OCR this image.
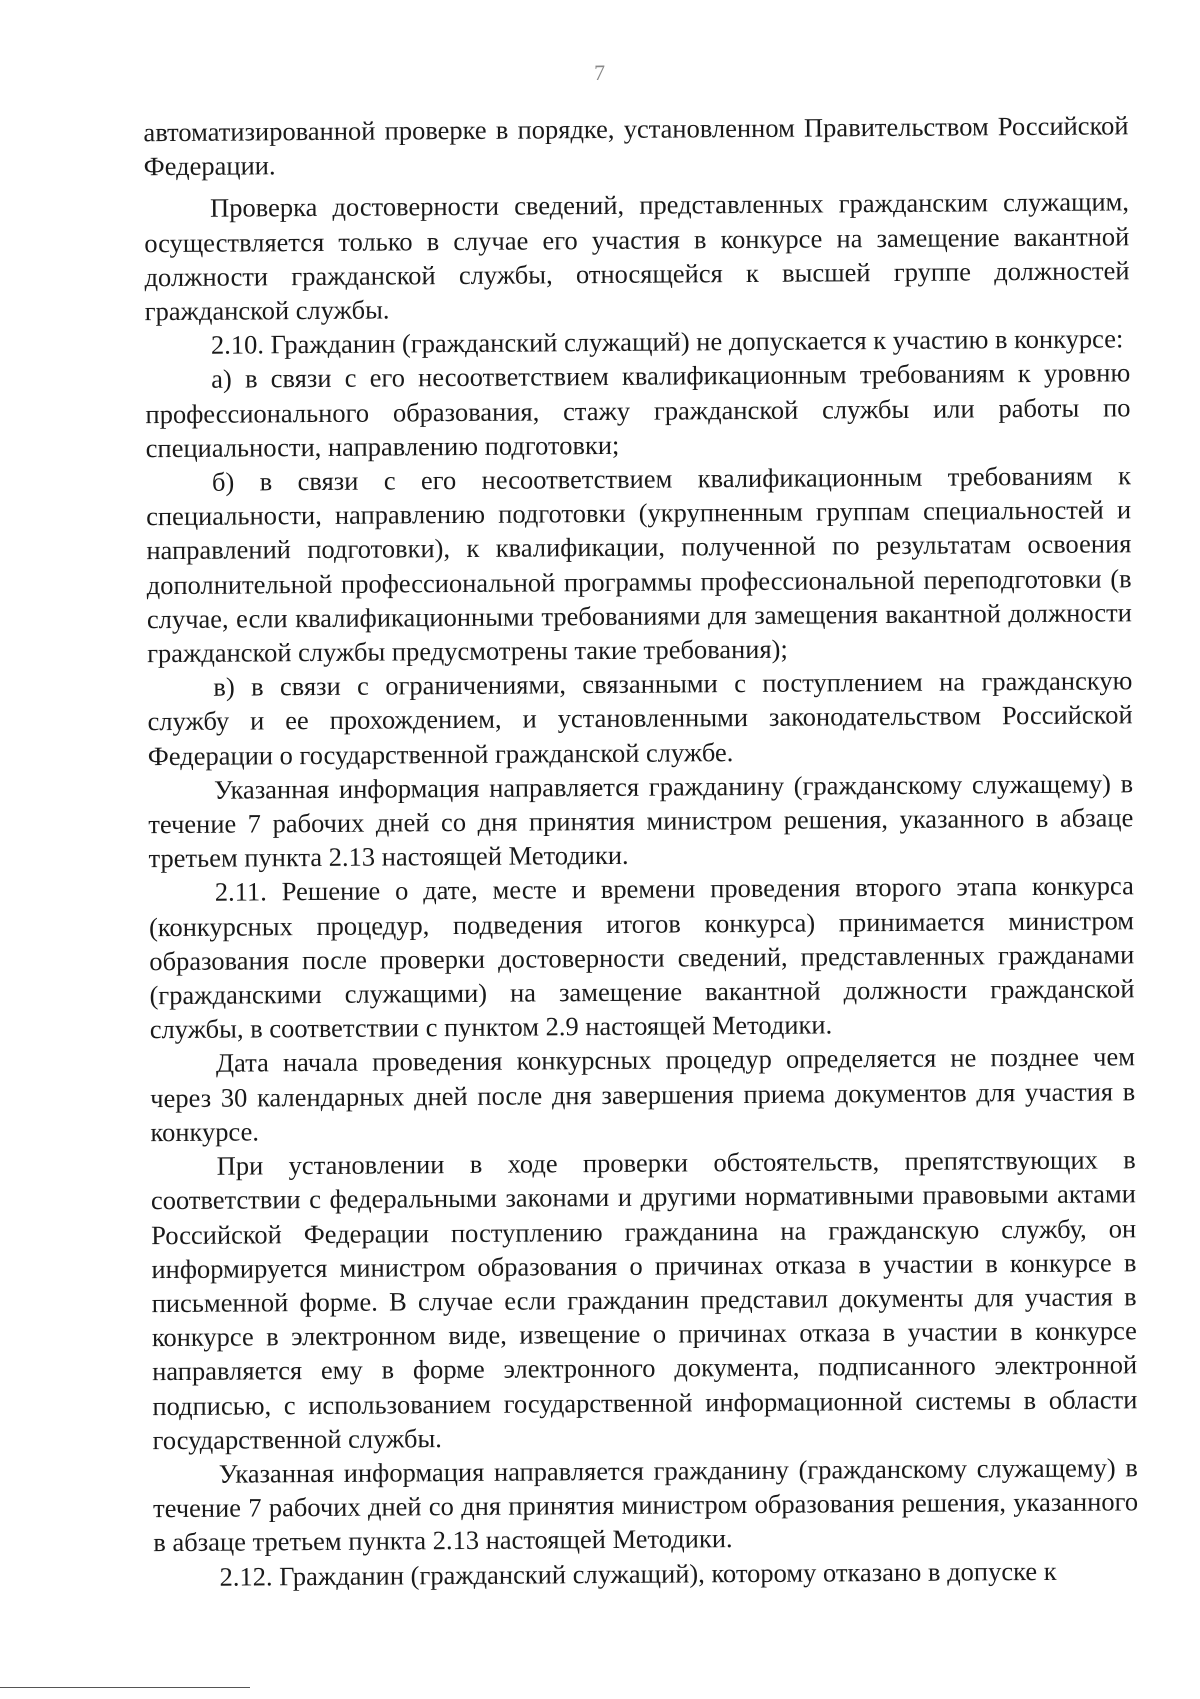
7

автоматизированной проверке в порядке, установленном Правительством Российской Федерации.

Проверка достоверности сведений, представленных гражданским служащим, осуществляется только в случае его участия в конкурсе на замещение вакантной должности гражданской службы, относящейся к высшей группе должностей гражданской службы.

2.10. Гражданин (гражданский служащий) не допускается к участию в конкурсе:

а) в связи с его несоответствием квалификационным требованиям к уровню профессионального образования, стажу гражданской службы или работы по специальности, направлению подготовки;

б) в связи с его несоответствием квалификационным требованиям к специальности, направлению подготовки (укрупненным группам специальностей и направлений подготовки), к квалификации, полученной по результатам освоения дополнительной профессиональной программы профессиональной переподготовки (в случае, если квалификационными требованиями для замещения вакантной должности гражданской службы предусмотрены такие требования);

в) в связи с ограничениями, связанными с поступлением на гражданскую службу и ее прохождением, и установленными законодательством Российской Федерации о государственной гражданской службе.

Указанная информация направляется гражданину (гражданскому служащему) в течение 7 рабочих дней со дня принятия министром решения, указанного в абзаце третьем пункта 2.13 настоящей Методики.

2.11. Решение о дате, месте и времени проведения второго этапа конкурса (конкурсных процедур, подведения итогов конкурса) принимается министром образования после проверки достоверности сведений, представленных гражданами (гражданскими служащими) на замещение вакантной должности гражданской службы, в соответствии с пунктом 2.9 настоящей Методики.

Дата начала проведения конкурсных процедур определяется не позднее чем через 30 календарных дней после дня завершения приема документов для участия в конкурсе.

При установлении в ходе проверки обстоятельств, препятствующих в соответствии с федеральными законами и другими нормативными правовыми актами Российской Федерации поступлению гражданина на гражданскую службу, он информируется министром образования о причинах отказа в участии в конкурсе в письменной форме. В случае если гражданин представил документы для участия в конкурсе в электронном виде, извещение о причинах отказа в участии в конкурсе направляется ему в форме электронного документа, подписанного электронной подписью, с использованием государственной информационной системы в области государственной службы.

Указанная информация направляется гражданину (гражданскому служащему) в течение 7 рабочих дней со дня принятия министром образования решения, указанного в абзаце третьем пункта 2.13 настоящей Методики.

2.12. Гражданин (гражданский служащий), которому отказано в допуске к
